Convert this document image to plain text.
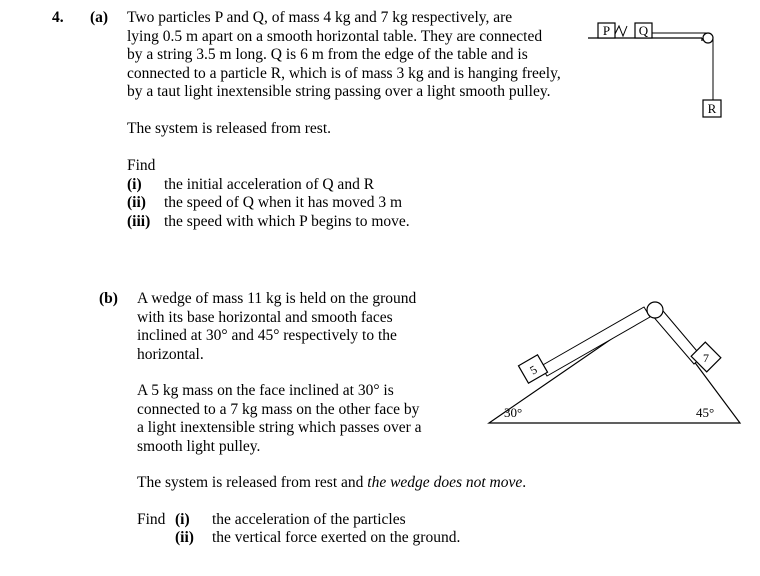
4. (a) Two particles P and Q, of mass 4 kg and 7 kg respectively, are
lying 0.5 m apart on a smooth horizontal table. They are connected
by a string 3.5 m long. Q is 6 m from the edge of the table and is
connected to a particle R, which is of mass 3 kg and is hanging freely,
by a taut light inextensible string passing over a light smooth pulley.
The system is released from rest.
Find
(i) the initial acceleration of Q and R
(ii) the speed of Q when it has moved 3 m
(iii) the speed with which P begins to move.
P Q
R
(b) A wedge of mass 11 kg is held on the ground
with its base horizontal and smooth faces
inclined at 30° and 45° respectively to the
horizontal.
A 5 kg mass on the face inclined at 30° is
connected to a 7 kg mass on the other face by
a light inextensible string which passes over a
smooth light pulley.
The system is released from rest and the wedge does not move.
Find (i) the acceleration of the particles
(ii) the vertical force exerted on the ground.
5
7
30°	45°
